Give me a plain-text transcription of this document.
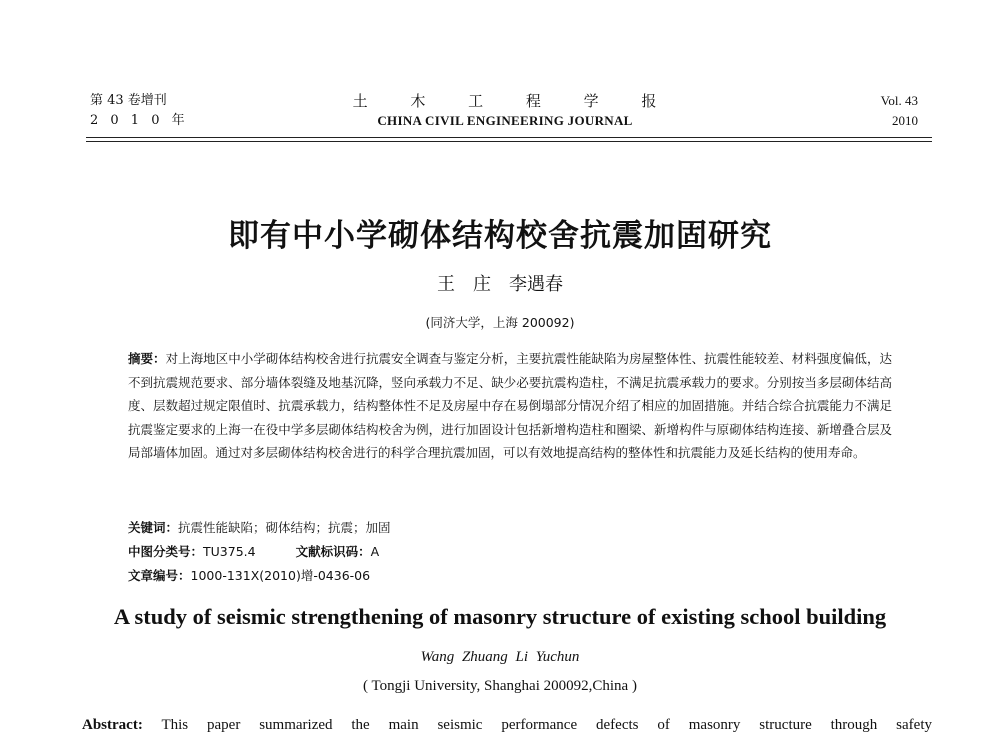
第 43 卷增刊
2 0 1 0 年
土 木 工 程 学 报
CHINA CIVIL ENGINEERING JOURNAL
Vol. 43
2010
即有中小学砌体结构校舍抗震加固研究
王　庄　李遇春
(同济大学，上海 200092)
摘要：对上海地区中小学砌体结构校舍进行抗震安全调查与鉴定分析，主要抗震性能缺陷为房屋整体性、抗震性能较差、材料强度偏低，达不到抗震规范要求、部分墙体裂缝及地基沉降，竖向承载力不足、缺少必要抗震构造柱，不满足抗震承载力的要求。分别按当多层砌体结高度、层数超过规定限值时、抗震承载力，结构整体性不足及房屋中存在易倒塌部分情况介绍了相应的加固措施。并结合综合抗震能力不满足抗震鉴定要求的上海一在役中学多层砌体结构校舍为例，进行加固设计包括新增构造柱和圈梁、新增构件与原砌体结构连接、新增叠合层及局部墙体加固。通过对多层砌体结构校舍进行的科学合理抗震加固，可以有效地提高结构的整体性和抗震能力及延长结构的使用寿命。
关键词：抗震性能缺陷；砌体结构；抗震；加固
中图分类号：TU375.4	文献标识码：A
文章编号：1000-131X(2010)增-0436-06
A study of seismic strengthening of masonry structure of existing school building
Wang Zhuang Li Yuchun
( Tongji University, Shanghai 200092,China )
Abstract: This paper summarized the main seismic performance defects of masonry structure through safety
